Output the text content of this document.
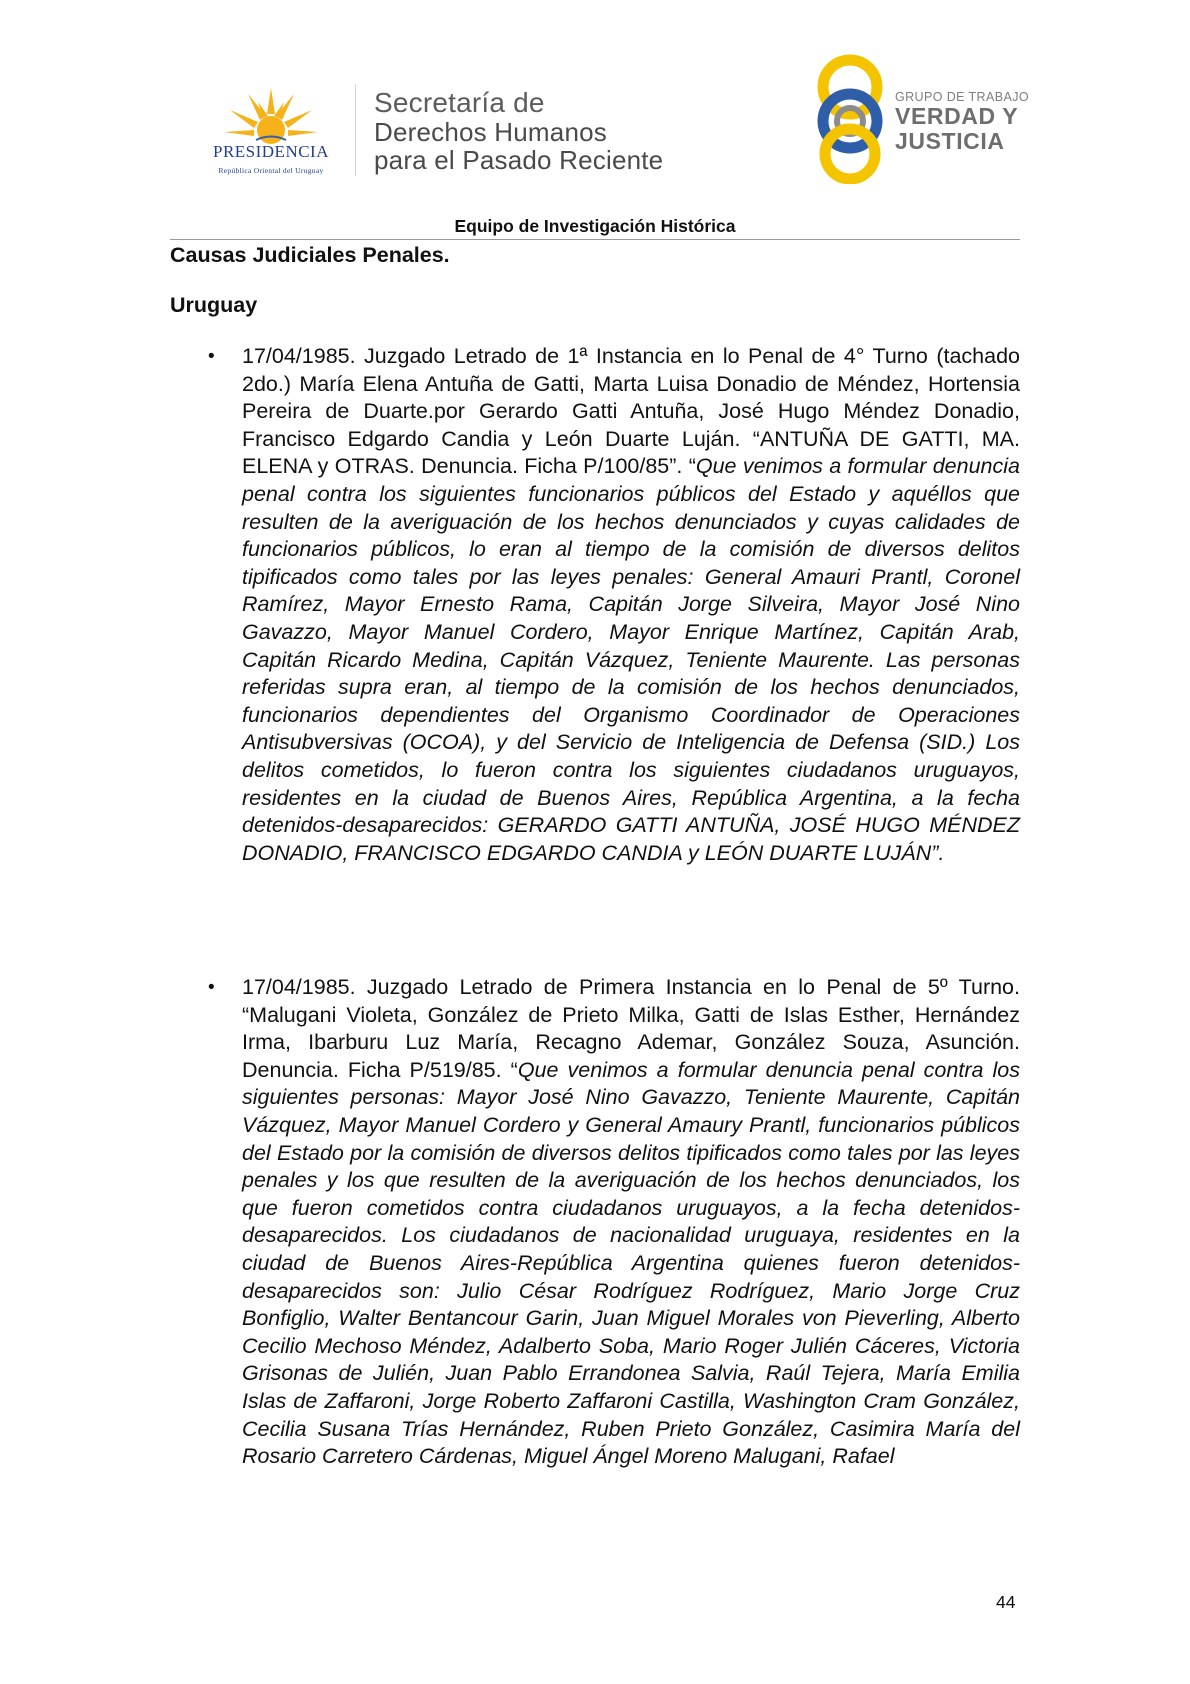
PRESIDENCIA
República Oriental del Uruguay
Secretaría de
Derechos Humanos
para el Pasado Reciente
GRUPO DE TRABAJO
VERDAD Y
JUSTICIA
Equipo de Investigación Histórica
Causas Judiciales Penales.
Uruguay
• 17/04/1985. Juzgado Letrado de 1ª Instancia en lo Penal de 4° Turno (tachado 2do.) María Elena Antuña de Gatti, Marta Luisa Donadio de Méndez, Hortensia Pereira de Duarte.por Gerardo Gatti Antuña, José Hugo Méndez Donadio, Francisco Edgardo Candia y León Duarte Luján. “ANTUÑA DE GATTI, MA. ELENA y OTRAS. Denuncia. Ficha P/100/85”. “Que venimos a formular denuncia penal contra los siguientes funcionarios públicos del Estado y aquéllos que resulten de la averiguación de los hechos denunciados y cuyas calidades de funcionarios públicos, lo eran al tiempo de la comisión de diversos delitos tipificados como tales por las leyes penales: General Amauri Prantl, Coronel Ramírez, Mayor Ernesto Rama, Capitán Jorge Silveira, Mayor José Nino Gavazzo, Mayor Manuel Cordero, Mayor Enrique Martínez, Capitán Arab, Capitán Ricardo Medina, Capitán Vázquez, Teniente Maurente. Las personas referidas supra eran, al tiempo de la comisión de los hechos denunciados, funcionarios dependientes del Organismo Coordinador de Operaciones Antisubversivas (OCOA), y del Servicio de Inteligencia de Defensa (SID.) Los delitos cometidos, lo fueron contra los siguientes ciudadanos uruguayos, residentes en la ciudad de Buenos Aires, República Argentina, a la fecha detenidos-desaparecidos: GERARDO GATTI ANTUÑA, JOSÉ HUGO MÉNDEZ DONADIO, FRANCISCO EDGARDO CANDIA y LEÓN DUARTE LUJÁN”.
• 17/04/1985. Juzgado Letrado de Primera Instancia en lo Penal de 5º Turno. “Malugani Violeta, González de Prieto Milka, Gatti de Islas Esther, Hernández Irma, Ibarburu Luz María, Recagno Ademar, González Souza, Asunción. Denuncia. Ficha P/519/85. “Que venimos a formular denuncia penal contra los siguientes personas: Mayor José Nino Gavazzo, Teniente Maurente, Capitán Vázquez, Mayor Manuel Cordero y General Amaury Prantl, funcionarios públicos del Estado por la comisión de diversos delitos tipificados como tales por las leyes penales y los que resulten de la averiguación de los hechos denunciados, los que fueron cometidos contra ciudadanos uruguayos, a la fecha detenidos-desaparecidos. Los ciudadanos de nacionalidad uruguaya, residentes en la ciudad de Buenos Aires-República Argentina quienes fueron detenidos-desaparecidos son: Julio César Rodríguez Rodríguez, Mario Jorge Cruz Bonfiglio, Walter Bentancour Garin, Juan Miguel Morales von Pieverling, Alberto Cecilio Mechoso Méndez, Adalberto Soba, Mario Roger Julién Cáceres, Victoria Grisonas de Julién, Juan Pablo Errandonea Salvia, Raúl Tejera, María Emilia Islas de Zaffaroni, Jorge Roberto Zaffaroni Castilla, Washington Cram González, Cecilia Susana Trías Hernández, Ruben Prieto González, Casimira María del Rosario Carretero Cárdenas, Miguel Ángel Moreno Malugani, Rafael
44
